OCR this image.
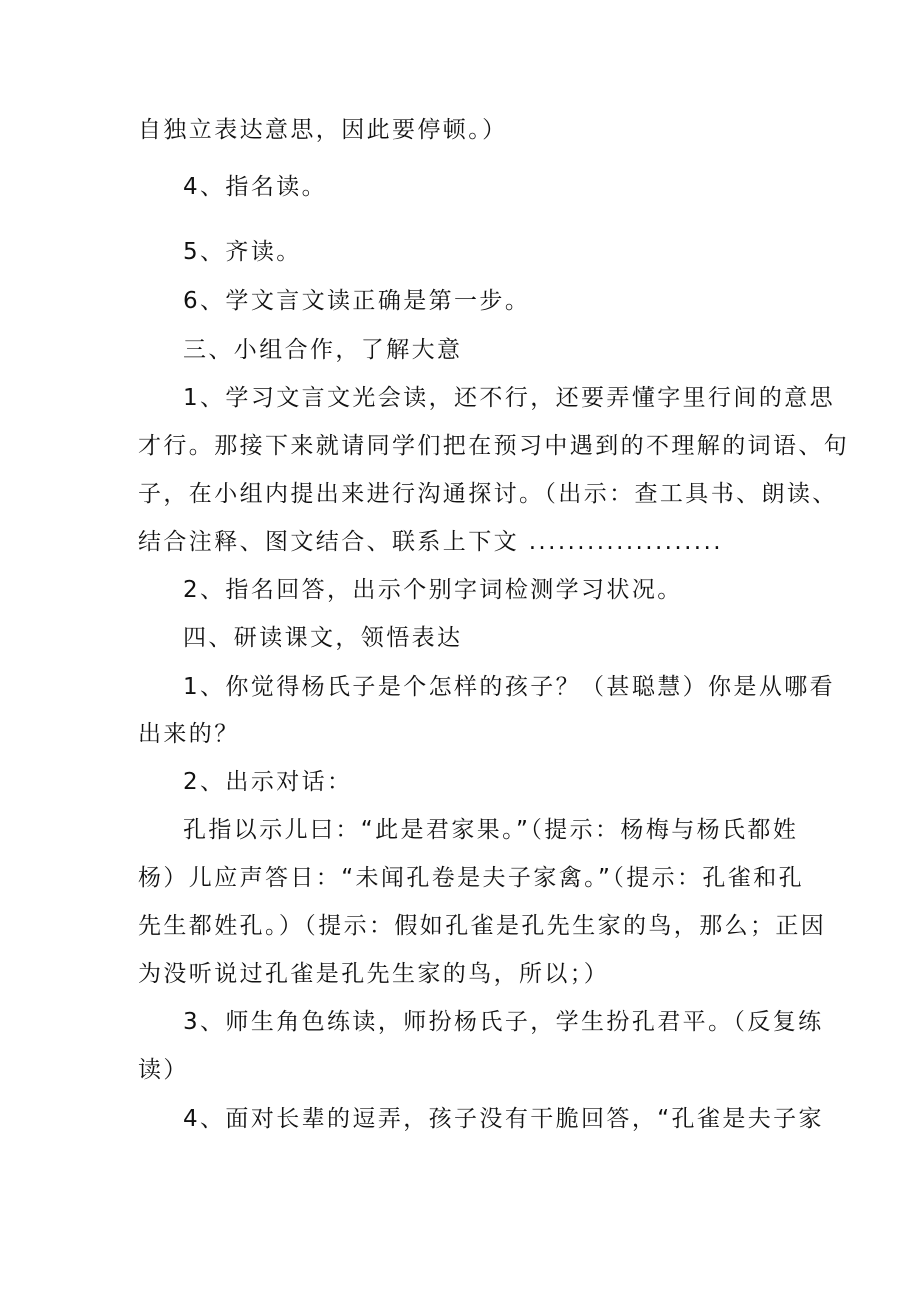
自独立表达意思，因此要停顿。）
4、指名读。
5、齐读。
6、学文言文读正确是第一步。
三、小组合作，了解大意
1、学习文言文光会读，还不行，还要弄懂字里行间的意思
才行。那接下来就请同学们把在预习中遇到的不理解的词语、句
子，在小组内提出来进行沟通探讨。（出示：查工具书、朗读、
结合注释、图文结合、联系上下文 ....................
2、指名回答，出示个别字词检测学习状况。
四、研读课文，领悟表达
1、你觉得杨氏子是个怎样的孩子？（甚聪慧）你是从哪看
出来的？
2、出示对话：
孔指以示儿曰：“此是君家果。”（提示：杨梅与杨氏都姓
杨）儿应声答日：“未闻孔卷是夫子家禽。”（提示：孔雀和孔
先生都姓孔。）（提示：假如孔雀是孔先生家的鸟，那么；正因
为没听说过孔雀是孔先生家的鸟，所以；）
3、师生角色练读，师扮杨氏子，学生扮孔君平。（反复练
读）
4、面对长辈的逗弄，孩子没有干脆回答，“孔雀是夫子家
